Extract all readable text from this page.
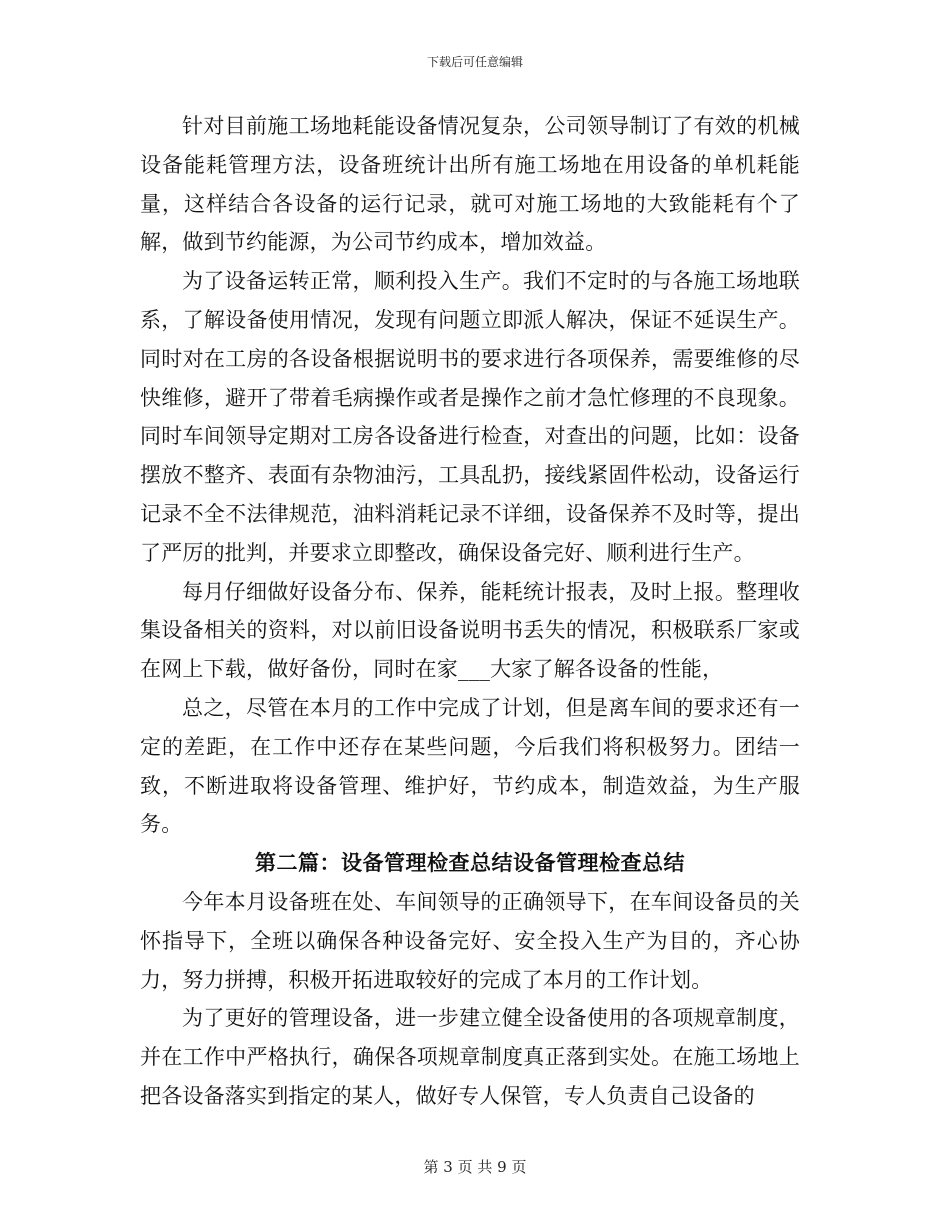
下载后可任意编辑

针对目前施工场地耗能设备情况复杂，公司领导制订了有效的机械设备能耗管理方法，设备班统计出所有施工场地在用设备的单机耗能量，这样结合各设备的运行记录，就可对施工场地的大致能耗有个了解，做到节约能源，为公司节约成本，增加效益。

为了设备运转正常，顺利投入生产。我们不定时的与各施工场地联系，了解设备使用情况，发现有问题立即派人解决，保证不延误生产。同时对在工房的各设备根据说明书的要求进行各项保养，需要维修的尽快维修，避开了带着毛病操作或者是操作之前才急忙修理的不良现象。同时车间领导定期对工房各设备进行检查，对查出的问题，比如：设备摆放不整齐、表面有杂物油污，工具乱扔，接线紧固件松动，设备运行记录不全不法律规范，油料消耗记录不详细，设备保养不及时等，提出了严厉的批判，并要求立即整改，确保设备完好、顺利进行生产。

每月仔细做好设备分布、保养，能耗统计报表，及时上报。整理收集设备相关的资料，对以前旧设备说明书丢失的情况，积极联系厂家或在网上下载，做好备份，同时在家___大家了解各设备的性能，

总之，尽管在本月的工作中完成了计划，但是离车间的要求还有一定的差距，在工作中还存在某些问题，今后我们将积极努力。团结一致，不断进取将设备管理、维护好，节约成本，制造效益，为生产服务。

第二篇：设备管理检查总结设备管理检查总结

今年本月设备班在处、车间领导的正确领导下，在车间设备员的关怀指导下，全班以确保各种设备完好、安全投入生产为目的，齐心协力，努力拼搏，积极开拓进取较好的完成了本月的工作计划。

为了更好的管理设备，进一步建立健全设备使用的各项规章制度，并在工作中严格执行，确保各项规章制度真正落到实处。在施工场地上把各设备落实到指定的某人，做好专人保管，专人负责自己设备的

第 3 页 共 9 页
